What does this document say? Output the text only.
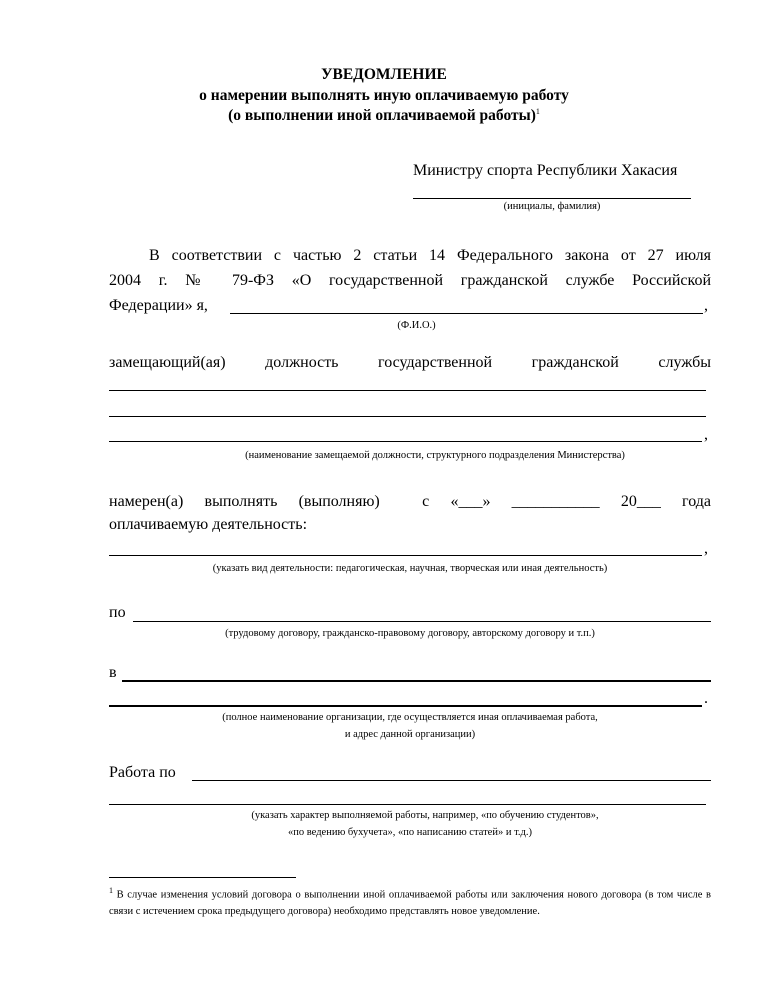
УВЕДОМЛЕНИЕ
о намерении выполнять иную оплачиваемую работу
(о выполнении иной оплачиваемой работы)$^1$
Министру спорта Республики Хакасия
(инициалы, фамилия)
В соответствии с частью 2 статьи 14 Федерального закона от 27 июля
2004 г. № 79-ФЗ «О государственной гражданской службе Российской
Федерации» я,	,
(Ф.И.О.)
замещающий(ая)   должность   государственной   гражданской   службы
,
(наименование замещаемой должности, структурного подразделения Министерства)
намерен(а)  выполнять  (выполняю)    с  «___»  ___________  20___  года
оплачиваемую деятельность:
,
(указать вид деятельности: педагогическая, научная, творческая или иная деятельность)
по
(трудовому договору, гражданско-правовому договору, авторскому договору и т.п.)
в
.
(полное наименование организации, где осуществляется иная оплачиваемая работа,
и адрес данной организации)
Работа по
(указать характер выполняемой работы, например, «по обучению студентов»,
«по ведению бухучета», «по написанию статей» и т.д.)
$^1$ В случае изменения условий договора о выполнении иной оплачиваемой работы или заключения нового договора (в том числе в связи с истечением срока предыдущего договора) необходимо представлять новое уведомление.
